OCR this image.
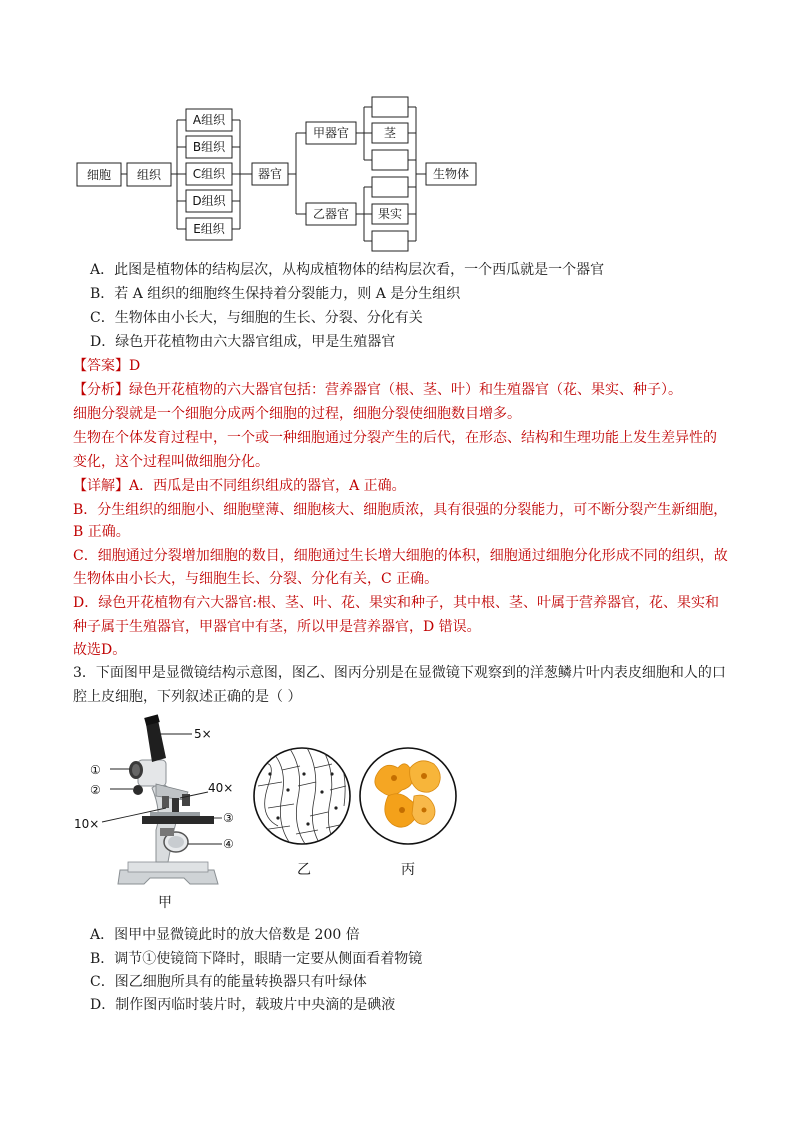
细胞 组织
A组织
B组织
C组织
D组织
E组织
器官
甲器官
乙器官
茎
果实
生物体
A．此图是植物体的结构层次，从构成植物体的结构层次看，一个西瓜就是一个器官
B．若 A 组织的细胞终生保持着分裂能力，则 A 是分生组织
C．生物体由小长大，与细胞的生长、分裂、分化有关
D．绿色开花植物由六大器官组成，甲是生殖器官
【答案】D
【分析】绿色开花植物的六大器官包括：营养器官（根、茎、叶）和生殖器官（花、果实、种子）。
细胞分裂就是一个细胞分成两个细胞的过程，细胞分裂使细胞数目增多。
生物在个体发育过程中，一个或一种细胞通过分裂产生的后代，在形态、结构和生理功能上发生差异性的
变化，这个过程叫做细胞分化。
【详解】A．西瓜是由不同组织组成的器官，A 正确。
B．分生组织的细胞小、细胞壁薄、细胞核大、细胞质浓，具有很强的分裂能力，可不断分裂产生新细胞，
B 正确。
C．细胞通过分裂增加细胞的数目，细胞通过生长增大细胞的体积，细胞通过细胞分化形成不同的组织，故
生物体由小长大，与细胞生长、分裂、分化有关，C 正确。
D．绿色开花植物有六大器官:根、茎、叶、花、果实和种子，其中根、茎、叶属于营养器官，花、果实和
种子属于生殖器官，甲器官中有茎，所以甲是营养器官，D 错误。
故选D。
3．下面图甲是显微镜结构示意图，图乙、图丙分别是在显微镜下观察到的洋葱鳞片叶内表皮细胞和人的口
腔上皮细胞，下列叙述正确的是（ ）
5×
①
②	40×
10×	③
④
甲
乙	丙
A．图甲中显微镜此时的放大倍数是 200 倍
B．调节①使镜筒下降时，眼睛一定要从侧面看着物镜
C．图乙细胞所具有的能量转换器只有叶绿体
D．制作图丙临时装片时，载玻片中央滴的是碘液
